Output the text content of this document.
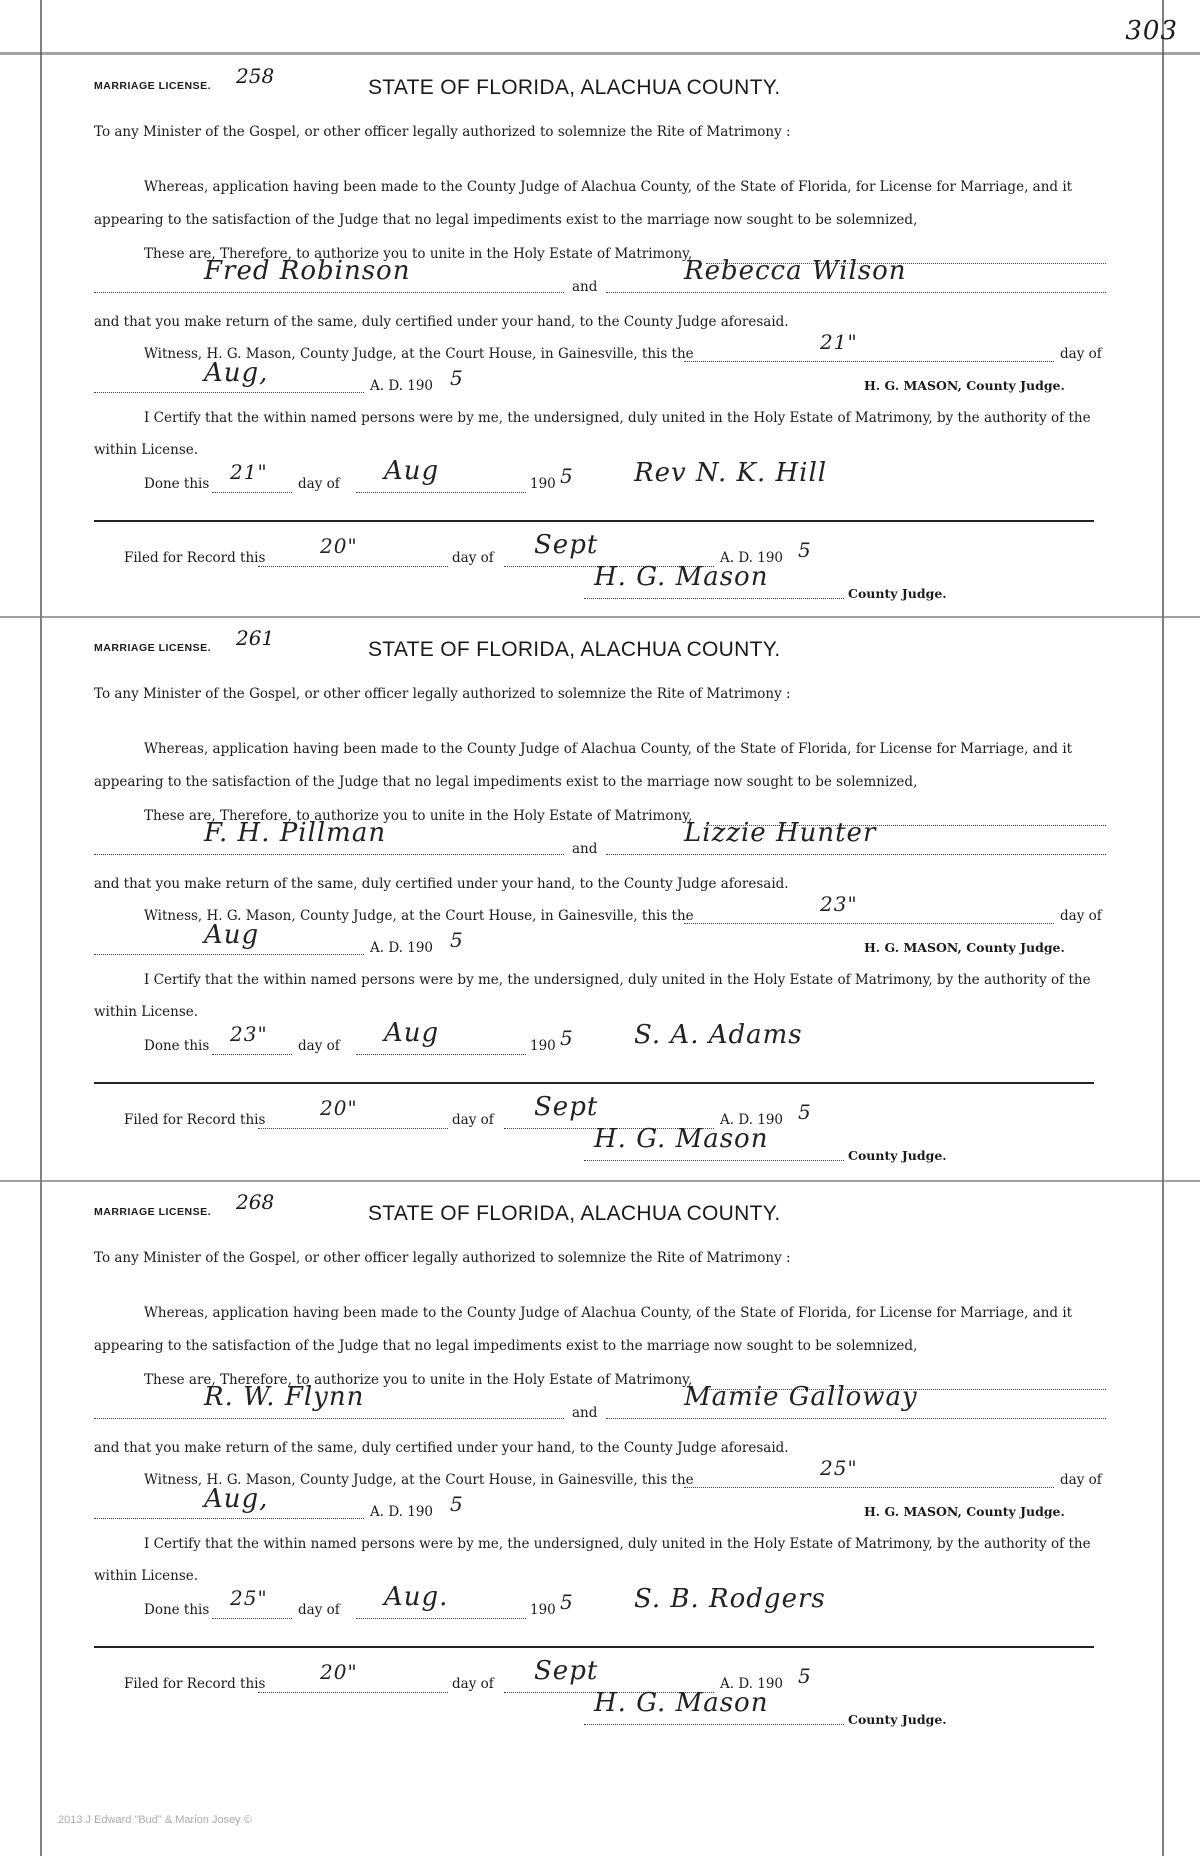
303
MARRIAGE LICENSE. 258	STATE OF FLORIDA, ALACHUA COUNTY.
To any Minister of the Gospel, or other officer legally authorized to solemnize the Rite of Matrimony :
Whereas, application having been made to the County Judge of Alachua County, of the State of Florida, for License for Marriage, and it
appearing to the satisfaction of the Judge that no legal impediments exist to the marriage now sought to be solemnized,
These are, Therefore, to authorize you to unite in the Holy Estate of Matrimony,
Fred Robinson
and
Rebecca Wilson
and that you make return of the same, duly certified under your hand, to the County Judge aforesaid.
Witness, H. G. Mason, County Judge, at the Court House, in Gainesville, this the	21"	day of
Aug,	A. D. 190 5	H. G. MASON, County Judge.
I Certify that the within named persons were by me, the undersigned, duly united in the Holy Estate of Matrimony, by the authority of the
within License.
Done this 21" day of Aug	190 5 Rev N. K. Hill
Filed for Record this	20"	day of Sept	A. D. 190 5
H. G. Mason
County Judge.
MARRIAGE LICENSE. 261	STATE OF FLORIDA, ALACHUA COUNTY.
To any Minister of the Gospel, or other officer legally authorized to solemnize the Rite of Matrimony :
Whereas, application having been made to the County Judge of Alachua County, of the State of Florida, for License for Marriage, and it
appearing to the satisfaction of the Judge that no legal impediments exist to the marriage now sought to be solemnized,
These are, Therefore, to authorize you to unite in the Holy Estate of Matrimony,
F. H. Pillman
and
Lizzie Hunter
and that you make return of the same, duly certified under your hand, to the County Judge aforesaid.
Witness, H. G. Mason, County Judge, at the Court House, in Gainesville, this the	23"	day of
Aug	A. D. 190 5	H. G. MASON, County Judge.
I Certify that the within named persons were by me, the undersigned, duly united in the Holy Estate of Matrimony, by the authority of the
within License.
Done this 23" day of Aug	190 5 S. A. Adams
Filed for Record this	20"	day of Sept	A. D. 190 5
H. G. Mason
County Judge.
MARRIAGE LICENSE. 268	STATE OF FLORIDA, ALACHUA COUNTY.
To any Minister of the Gospel, or other officer legally authorized to solemnize the Rite of Matrimony :
Whereas, application having been made to the County Judge of Alachua County, of the State of Florida, for License for Marriage, and it
appearing to the satisfaction of the Judge that no legal impediments exist to the marriage now sought to be solemnized,
These are, Therefore, to authorize you to unite in the Holy Estate of Matrimony,
R. W. Flynn
and
Mamie Galloway
and that you make return of the same, duly certified under your hand, to the County Judge aforesaid.
Witness, H. G. Mason, County Judge, at the Court House, in Gainesville, this the	25"	day of
Aug,	A. D. 190 5	H. G. MASON, County Judge.
I Certify that the within named persons were by me, the undersigned, duly united in the Holy Estate of Matrimony, by the authority of the
within License.
Done this 25" day of Aug.	190 5 S. B. Rodgers
Filed for Record this	20"	day of Sept	A. D. 190 5
H. G. Mason
County Judge.
2013 J Edward "Bud" & Marion Josey ©
